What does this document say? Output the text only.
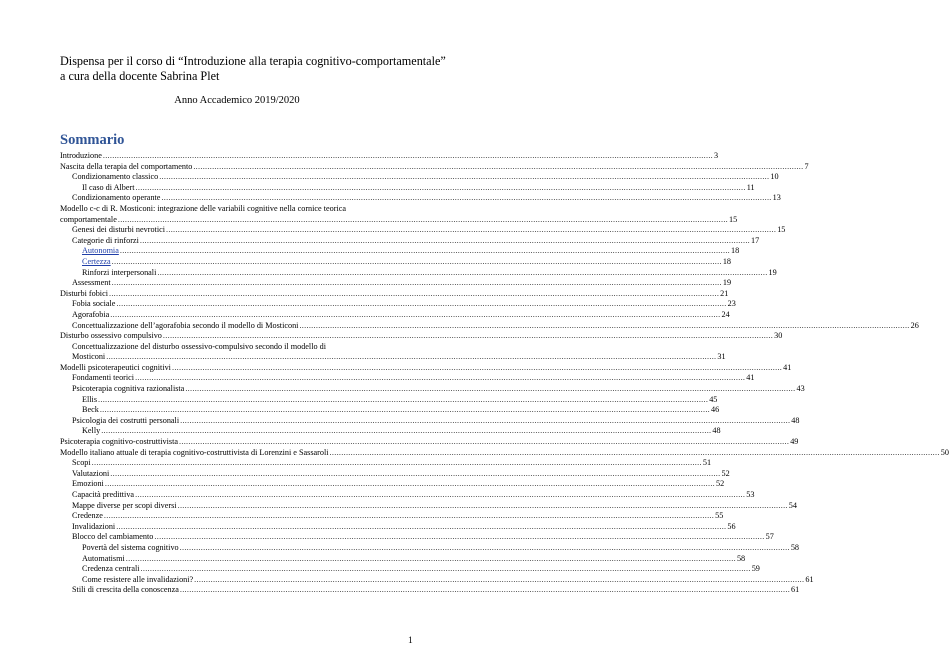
Dispensa per il corso di “Introduzione alla terapia cognitivo-comportamentale”
a cura della docente Sabrina Plet
Anno Accademico 2019/2020
Sommario
Introduzione .................................................................................................................................................................................................................................................................... 3
Nascita della terapia del comportamento .................................................................................................................................................................................................................................................................... 7
Condizionamento classico .................................................................................................................................................................................................................................................................... 10
Il caso di Albert .................................................................................................................................................................................................................................................................... 11
Condizionamento operante .................................................................................................................................................................................................................................................................... 13
Modello c-c di R. Mosticoni: integrazione delle variabili cognitive nella cornice teorica
comportamentale .................................................................................................................................................................................................................................................................... 15
Genesi dei disturbi nevrotici .................................................................................................................................................................................................................................................................... 15
Categorie di rinforzi .................................................................................................................................................................................................................................................................... 17
Autonomia .................................................................................................................................................................................................................................................................... 18
Certezza .................................................................................................................................................................................................................................................................... 18
Rinforzi interpersonali .................................................................................................................................................................................................................................................................... 19
Assessment .................................................................................................................................................................................................................................................................... 19
Disturbi fobici .................................................................................................................................................................................................................................................................... 21
Fobia sociale .................................................................................................................................................................................................................................................................... 23
Agorafobia .................................................................................................................................................................................................................................................................... 24
Concettualizzazione dell’agorafobia secondo il modello di Mosticoni .................................................................................................................................................................................................................................................................... 26
Disturbo ossessivo compulsivo .................................................................................................................................................................................................................................................................... 30
Concettualizzazione del disturbo ossessivo-compulsivo secondo il modello di
Mosticoni .................................................................................................................................................................................................................................................................... 31
Modelli psicoterapeutici cognitivi .................................................................................................................................................................................................................................................................... 41
Fondamenti teorici .................................................................................................................................................................................................................................................................... 41
Psicoterapia cognitiva razionalista .................................................................................................................................................................................................................................................................... 43
Ellis .................................................................................................................................................................................................................................................................... 45
Beck .................................................................................................................................................................................................................................................................... 46
Psicologia dei costrutti personali .................................................................................................................................................................................................................................................................... 48
Kelly .................................................................................................................................................................................................................................................................... 48
Psicoterapia cognitivo-costruttivista .................................................................................................................................................................................................................................................................... 49
Modello italiano attuale di terapia cognitivo-costruttivista di Lorenzini e Sassaroli .................................................................................................................................................................................................................................................................... 50
Scopi .................................................................................................................................................................................................................................................................... 51
Valutazioni .................................................................................................................................................................................................................................................................... 52
Emozioni .................................................................................................................................................................................................................................................................... 52
Capacità predittiva .................................................................................................................................................................................................................................................................... 53
Mappe diverse per scopi diversi .................................................................................................................................................................................................................................................................... 54
Credenze .................................................................................................................................................................................................................................................................... 55
Invalidazioni .................................................................................................................................................................................................................................................................... 56
Blocco del cambiamento .................................................................................................................................................................................................................................................................... 57
Povertà del sistema cognitivo .................................................................................................................................................................................................................................................................... 58
Automatismi .................................................................................................................................................................................................................................................................... 58
Credenza centrali .................................................................................................................................................................................................................................................................... 59
Come resistere alle invalidazioni? .................................................................................................................................................................................................................................................................... 61
Stili di crescita della conoscenza .................................................................................................................................................................................................................................................................... 61
1
